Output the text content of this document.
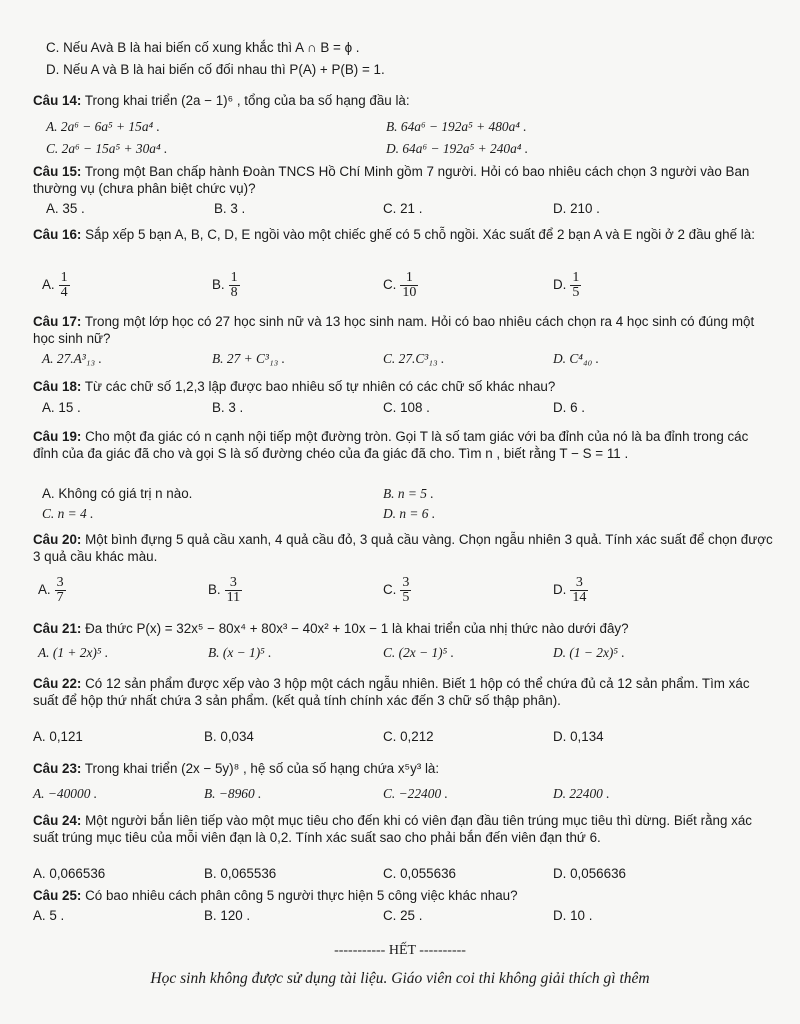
C. Nếu Avà B là hai biến cố xung khắc thì A ∩ B = ϕ .
D. Nếu A và B là hai biến cố đối nhau thì P(A) + P(B) = 1.
Câu 14: Trong khai triển (2a − 1)⁶ , tổng của ba số hạng đầu là:
A. 2a⁶ − 6a⁵ + 15a⁴ .	B. 64a⁶ − 192a⁵ + 480a⁴ .
C. 2a⁶ − 15a⁵ + 30a⁴ .	D. 64a⁶ − 192a⁵ + 240a⁴ .
Câu 15: Trong một Ban chấp hành Đoàn TNCS Hồ Chí Minh gồm 7 người. Hỏi có bao nhiêu cách chọn 3 người vào Ban thường vụ (chưa phân biệt chức vụ)?
A. 35 .	B. 3 .	C. 21 .	D. 210 .
Câu 16: Sắp xếp 5 bạn A, B, C, D, E ngồi vào một chiếc ghế có 5 chỗ ngồi. Xác suất để 2 bạn A và E ngồi ở 2 đầu ghế là:
A. $\frac{1}{4}$	B. $\frac{1}{8}$	C. $\frac{1}{10}$	D. $\frac{1}{5}$
Câu 17: Trong một lớp học có 27 học sinh nữ và 13 học sinh nam. Hỏi có bao nhiêu cách chọn ra 4 học sinh có đúng một học sinh nữ?
A. 27.A³₁₃ .	B. 27 + C³₁₃ .	C. 27.C³₁₃ .	D. C⁴₄₀ .
Câu 18: Từ các chữ số 1,2,3 lập được bao nhiêu số tự nhiên có các chữ số khác nhau?
A. 15 .	B. 3 .	C. 108 .	D. 6 .
Câu 19: Cho một đa giác có n cạnh nội tiếp một đường tròn. Gọi T là số tam giác với ba đỉnh của nó là ba đỉnh trong các đỉnh của đa giác đã cho và gọi S là số đường chéo của đa giác đã cho. Tìm n , biết rằng T − S = 11 .
A. Không có giá trị n nào.	B. n = 5 .
C. n = 4 .	D. n = 6 .
Câu 20: Một bình đựng 5 quả cầu xanh, 4 quả cầu đỏ, 3 quả cầu vàng. Chọn ngẫu nhiên 3 quả. Tính xác suất để chọn được 3 quả cầu khác màu.
A. $\frac{3}{7}$	B. $\frac{3}{11}$	C. $\frac{3}{5}$	D. $\frac{3}{14}$
Câu 21: Đa thức P(x) = 32x⁵ − 80x⁴ + 80x³ − 40x² + 10x − 1 là khai triển của nhị thức nào dưới đây?
A. (1 + 2x)⁵ .	B. (x − 1)⁵ .	C. (2x − 1)⁵ .	D. (1 − 2x)⁵ .
Câu 22: Có 12 sản phẩm được xếp vào 3 hộp một cách ngẫu nhiên. Biết 1 hộp có thể chứa đủ cả 12 sản phẩm. Tìm xác suất để hộp thứ nhất chứa 3 sản phẩm. (kết quả tính chính xác đến 3 chữ số thập phân).
A. 0,121	B. 0,034	C. 0,212	D. 0,134
Câu 23: Trong khai triển (2x − 5y)⁸ , hệ số của số hạng chứa x⁵y³ là:
A. −40000 .	B. −8960 .	C. −22400 .	D. 22400 .
Câu 24: Một người bắn liên tiếp vào một mục tiêu cho đến khi có viên đạn đầu tiên trúng mục tiêu thì dừng. Biết rằng xác suất trúng mục tiêu của mỗi viên đạn là 0,2. Tính xác suất sao cho phải bắn đến viên đạn thứ 6.
A. 0,066536	B. 0,065536	C. 0,055636	D. 0,056636
Câu 25: Có bao nhiêu cách phân công 5 người thực hiện 5 công việc khác nhau?
A. 5 .	B. 120 .	C. 25 .	D. 10 .
----------- HẾT ----------
Học sinh không được sử dụng tài liệu. Giáo viên coi thi không giải thích gì thêm
